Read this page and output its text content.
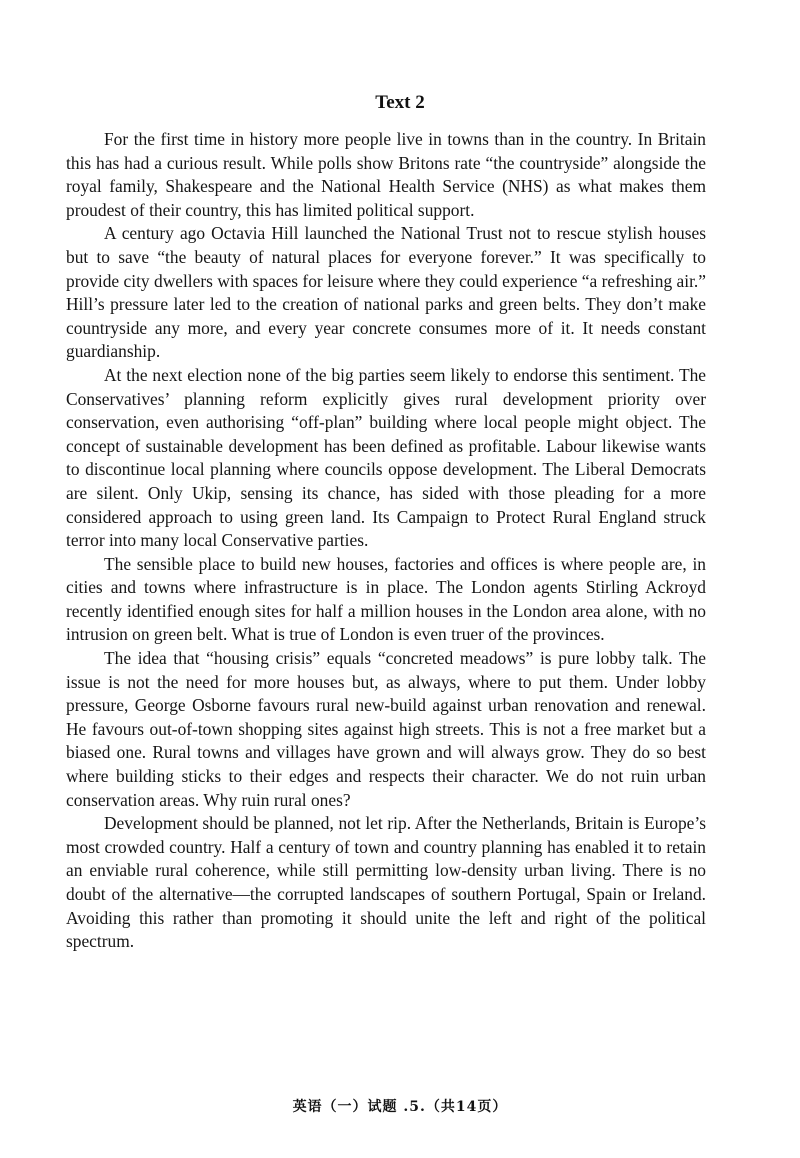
Text 2

For the first time in history more people live in towns than in the country. In Britain this has had a curious result. While polls show Britons rate “the countryside” alongside the royal family, Shakespeare and the National Health Service (NHS) as what makes them proudest of their country, this has limited political support.

A century ago Octavia Hill launched the National Trust not to rescue stylish houses but to save “the beauty of natural places for everyone forever.” It was specifically to provide city dwellers with spaces for leisure where they could experience “a refreshing air.” Hill’s pressure later led to the creation of national parks and green belts. They don’t make countryside any more, and every year concrete consumes more of it. It needs constant guardianship.

At the next election none of the big parties seem likely to endorse this sentiment. The Conservatives’ planning reform explicitly gives rural development priority over conservation, even authorising “off-plan” building where local people might object. The concept of sustainable development has been defined as profitable. Labour likewise wants to discontinue local planning where councils oppose development. The Liberal Democrats are silent. Only Ukip, sensing its chance, has sided with those pleading for a more considered approach to using green land. Its Campaign to Protect Rural England struck terror into many local Conservative parties.

The sensible place to build new houses, factories and offices is where people are, in cities and towns where infrastructure is in place. The London agents Stirling Ackroyd recently identified enough sites for half a million houses in the London area alone, with no intrusion on green belt. What is true of London is even truer of the provinces.

The idea that “housing crisis” equals “concreted meadows” is pure lobby talk. The issue is not the need for more houses but, as always, where to put them. Under lobby pressure, George Osborne favours rural new-build against urban renovation and renewal. He favours out-of-town shopping sites against high streets. This is not a free market but a biased one. Rural towns and villages have grown and will always grow. They do so best where building sticks to their edges and respects their character. We do not ruin urban conservation areas. Why ruin rural ones?

Development should be planned, not let rip. After the Netherlands, Britain is Europe’s most crowded country. Half a century of town and country planning has enabled it to retain an enviable rural coherence, while still permitting low-density urban living. There is no doubt of the alternative—the corrupted landscapes of southern Portugal, Spain or Ireland. Avoiding this rather than promoting it should unite the left and right of the political spectrum.

英语（一）试题 .5.（共14页）
